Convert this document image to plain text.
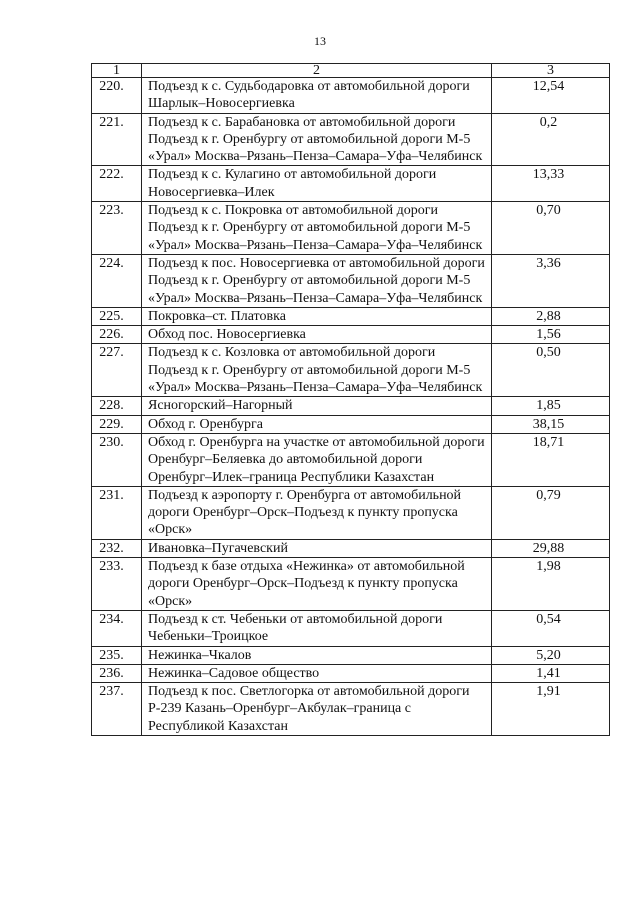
13
1	2	3
220.	Подъезд к с. Судьбодаровка от автомобильной дороги Шарлык–Новосергиевка	12,54
221.	Подъезд к с. Барабановка от автомобильной дороги Подъезд к г. Оренбургу от автомобильной дороги М-5 «Урал» Москва–Рязань–Пенза–Самара–Уфа–Челябинск	0,2
222.	Подъезд к с. Кулагино от автомобильной дороги Новосергиевка–Илек	13,33
223.	Подъезд к с. Покровка от автомобильной дороги Подъезд к г. Оренбургу от автомобильной дороги М-5 «Урал» Москва–Рязань–Пенза–Самара–Уфа–Челябинск	0,70
224.	Подъезд к пос. Новосергиевка от автомобильной дороги Подъезд к г. Оренбургу от автомобильной дороги М-5 «Урал» Москва–Рязань–Пенза–Самара–Уфа–Челябинск	3,36
225.	Покровка–ст. Платовка	2,88
226.	Обход пос. Новосергиевка	1,56
227.	Подъезд к с. Козловка от автомобильной дороги Подъезд к г. Оренбургу от автомобильной дороги М-5 «Урал» Москва–Рязань–Пенза–Самара–Уфа–Челябинск	0,50
228.	Ясногорский–Нагорный	1,85
229.	Обход г. Оренбурга	38,15
230.	Обход г. Оренбурга на участке от автомобильной дороги Оренбург–Беляевка до автомобильной дороги Оренбург–Илек–граница Республики Казахстан	18,71
231.	Подъезд к аэропорту г. Оренбурга от автомобильной дороги Оренбург–Орск–Подъезд к пункту пропуска «Орск»	0,79
232.	Ивановка–Пугачевский	29,88
233.	Подъезд к базе отдыха «Нежинка» от автомобильной дороги Оренбург–Орск–Подъезд к пункту пропуска «Орск»	1,98
234.	Подъезд к ст. Чебеньки от автомобильной дороги Чебеньки–Троицкое	0,54
235.	Нежинка–Чкалов	5,20
236.	Нежинка–Садовое общество	1,41
237.	Подъезд к пос. Светлогорка от автомобильной дороги Р-239 Казань–Оренбург–Акбулак–граница с Республикой Казахстан	1,91
